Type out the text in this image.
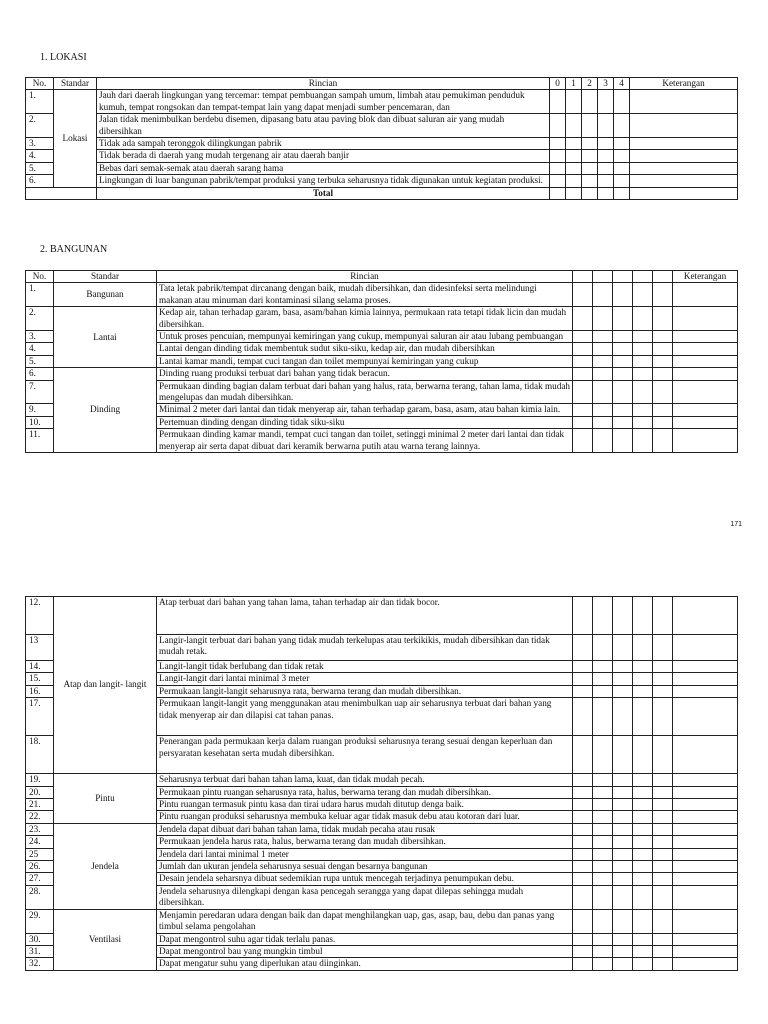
1. LOKASI
No.	Standar	Rincian	0	1	2	3	4	Keterangan
1.	Lokasi	Jauh dari daerah lingkungan yang tercemar: tempat pembuangan sampah umum, limbah atau pemukiman penduduk kumuh, tempat rongsokan dan tempat-tempat lain yang dapat menjadi sumber pencemaran, dan						
2.		Jalan tidak menimbulkan berdebu disemen, dipasang batu atau paving blok dan dibuat saluran air yang mudah dibersihkan						
3.		Tidak ada sampah teronggok dilingkungan pabrik						
4.		Tidak berada di daerah yang mudah tergenang air atau daerah banjir						
5.		Bebas dari semak-semak atau daerah sarang hama						
6.		Lingkungan di luar bangunan pabrik/tempat produksi yang terbuka seharusnya tidak digunakan untuk kegiatan produksi.						
		Total						
2. BANGUNAN
No.	Standar	Rincian						Keterangan
1.	Bangunan	Tata letak pabrik/tempat dircanang dengan baik, mudah dibersihkan, dan didesinfeksi serta melindungi makanan atau minuman dari kontaminasi silang selama proses.						
2.	Lantai	Kedap air, tahan terhadap garam, basa, asam/bahan kimia lainnya, permukaan rata tetapi tidak licin dan mudah dibersihkan.						
3.		Untuk proses pencuian, mempunyai kemiringan yang cukup, mempunyai saluran air atau lubang pembuangan						
4.		Lantai dengan dinding tidak membentuk sudut siku-siku, kedap air, dan mudah dibersihkan						
5.		Lantai kamar mandi, tempat cuci tangan dan toilet mempunyai kemiringan yang cukup						
6.	Dinding	Dinding ruang produksi terbuat dari bahan yang tidak beracun.						
7.		Permukaan dinding bagian dalam terbuat dari bahan yang halus, rata, berwarna terang, tahan lama, tidak mudah mengelupas dan mudah dibersihkan.						
9.		Minimal 2 meter dari lantai dan tidak menyerap air, tahan terhadap garam, basa, asam, atau bahan kimia lain.						
10.		Pertemuan dinding dengan dinding tidak siku-siku						
11.		Permukaan dinding kamar mandi, tempat cuci tangan dan toilet, setinggi minimal 2 meter dari lantai dan tidak menyerap air serta dapat dibuat dari keramik berwarna putih atau warna terang lainnya.						
171
12.	Atap dan langit- langit	Atap terbuat dari bahan yang tahan lama, tahan terhadap air dan tidak bocor.						
13		Langir-langit terbuat dari bahan yang tidak mudah terkelupas atau terkikikis, mudah dibersihkan dan tidak mudah retak.						
14.		Langit-langit tidak berlubang dan tidak retak						
15.		Langit-langit dari lantai minimal 3 meter						
16.		Permukaan langit-langit seharusnya rata, berwarna terang dan mudah dibersihkan.						
17.		Permukaan langit-langit yang menggunakan atau menimbulkan uap air seharusnya terbuat dari bahan yang tidak menyerap air dan dilapisi cat tahan panas.						
18.		Penerangan pada permukaan kerja dalam ruangan produksi seharusnya terang sesuai dengan keperluan dan persyaratan kesehatan serta mudah dibersihkan.						
19.	Pintu	Seharusnya terbuat dari bahan tahan lama, kuat, dan tidak mudah pecah.						
20.		Permukaan pintu ruangan seharusnya rata, halus, berwarna terang dan mudah dibersihkan.						
21.		Pintu ruangan termasuk pintu kasa dan tirai udara harus mudah ditutup denga baik.						
22.		Pintu ruangan produksi seharusnya membuka keluar agar tidak masuk debu atau kotoran dari luar.						
23.	Jendela	Jendela dapat dibuat dari bahan tahan lama, tidak mudah pecaha atau rusak						
24.		Permukaan jendela harus rata, halus, berwarna terang dan mudah dibersihkan.						
25		Jendela dari lantai minimal 1 meter						
26.		Jumlah dan ukuran jendela seharusnya sesuai dengan besarnya bangunan						
27.		Desain jendela seharsnya dibuat sedemikian rupa untuk mencegah terjadinya penumpukan debu.						
28.		Jendela seharusnya dilengkapi dengan kasa pencegah serangga yang dapat dilepas sehingga mudah dibersihkan.						
29.	Ventilasi	Menjamin peredaran udara dengan baik dan dapat menghilangkan uap, gas, asap, bau, debu dan panas yang timbul selama pengolahan						
30.		Dapat mengontrol suhu agar tidak terlalu panas.						
31.		Dapat mengontrol bau yang mungkin timbul						
32.		Dapat mengatur suhu yang diperlukan atau diinginkan.						
